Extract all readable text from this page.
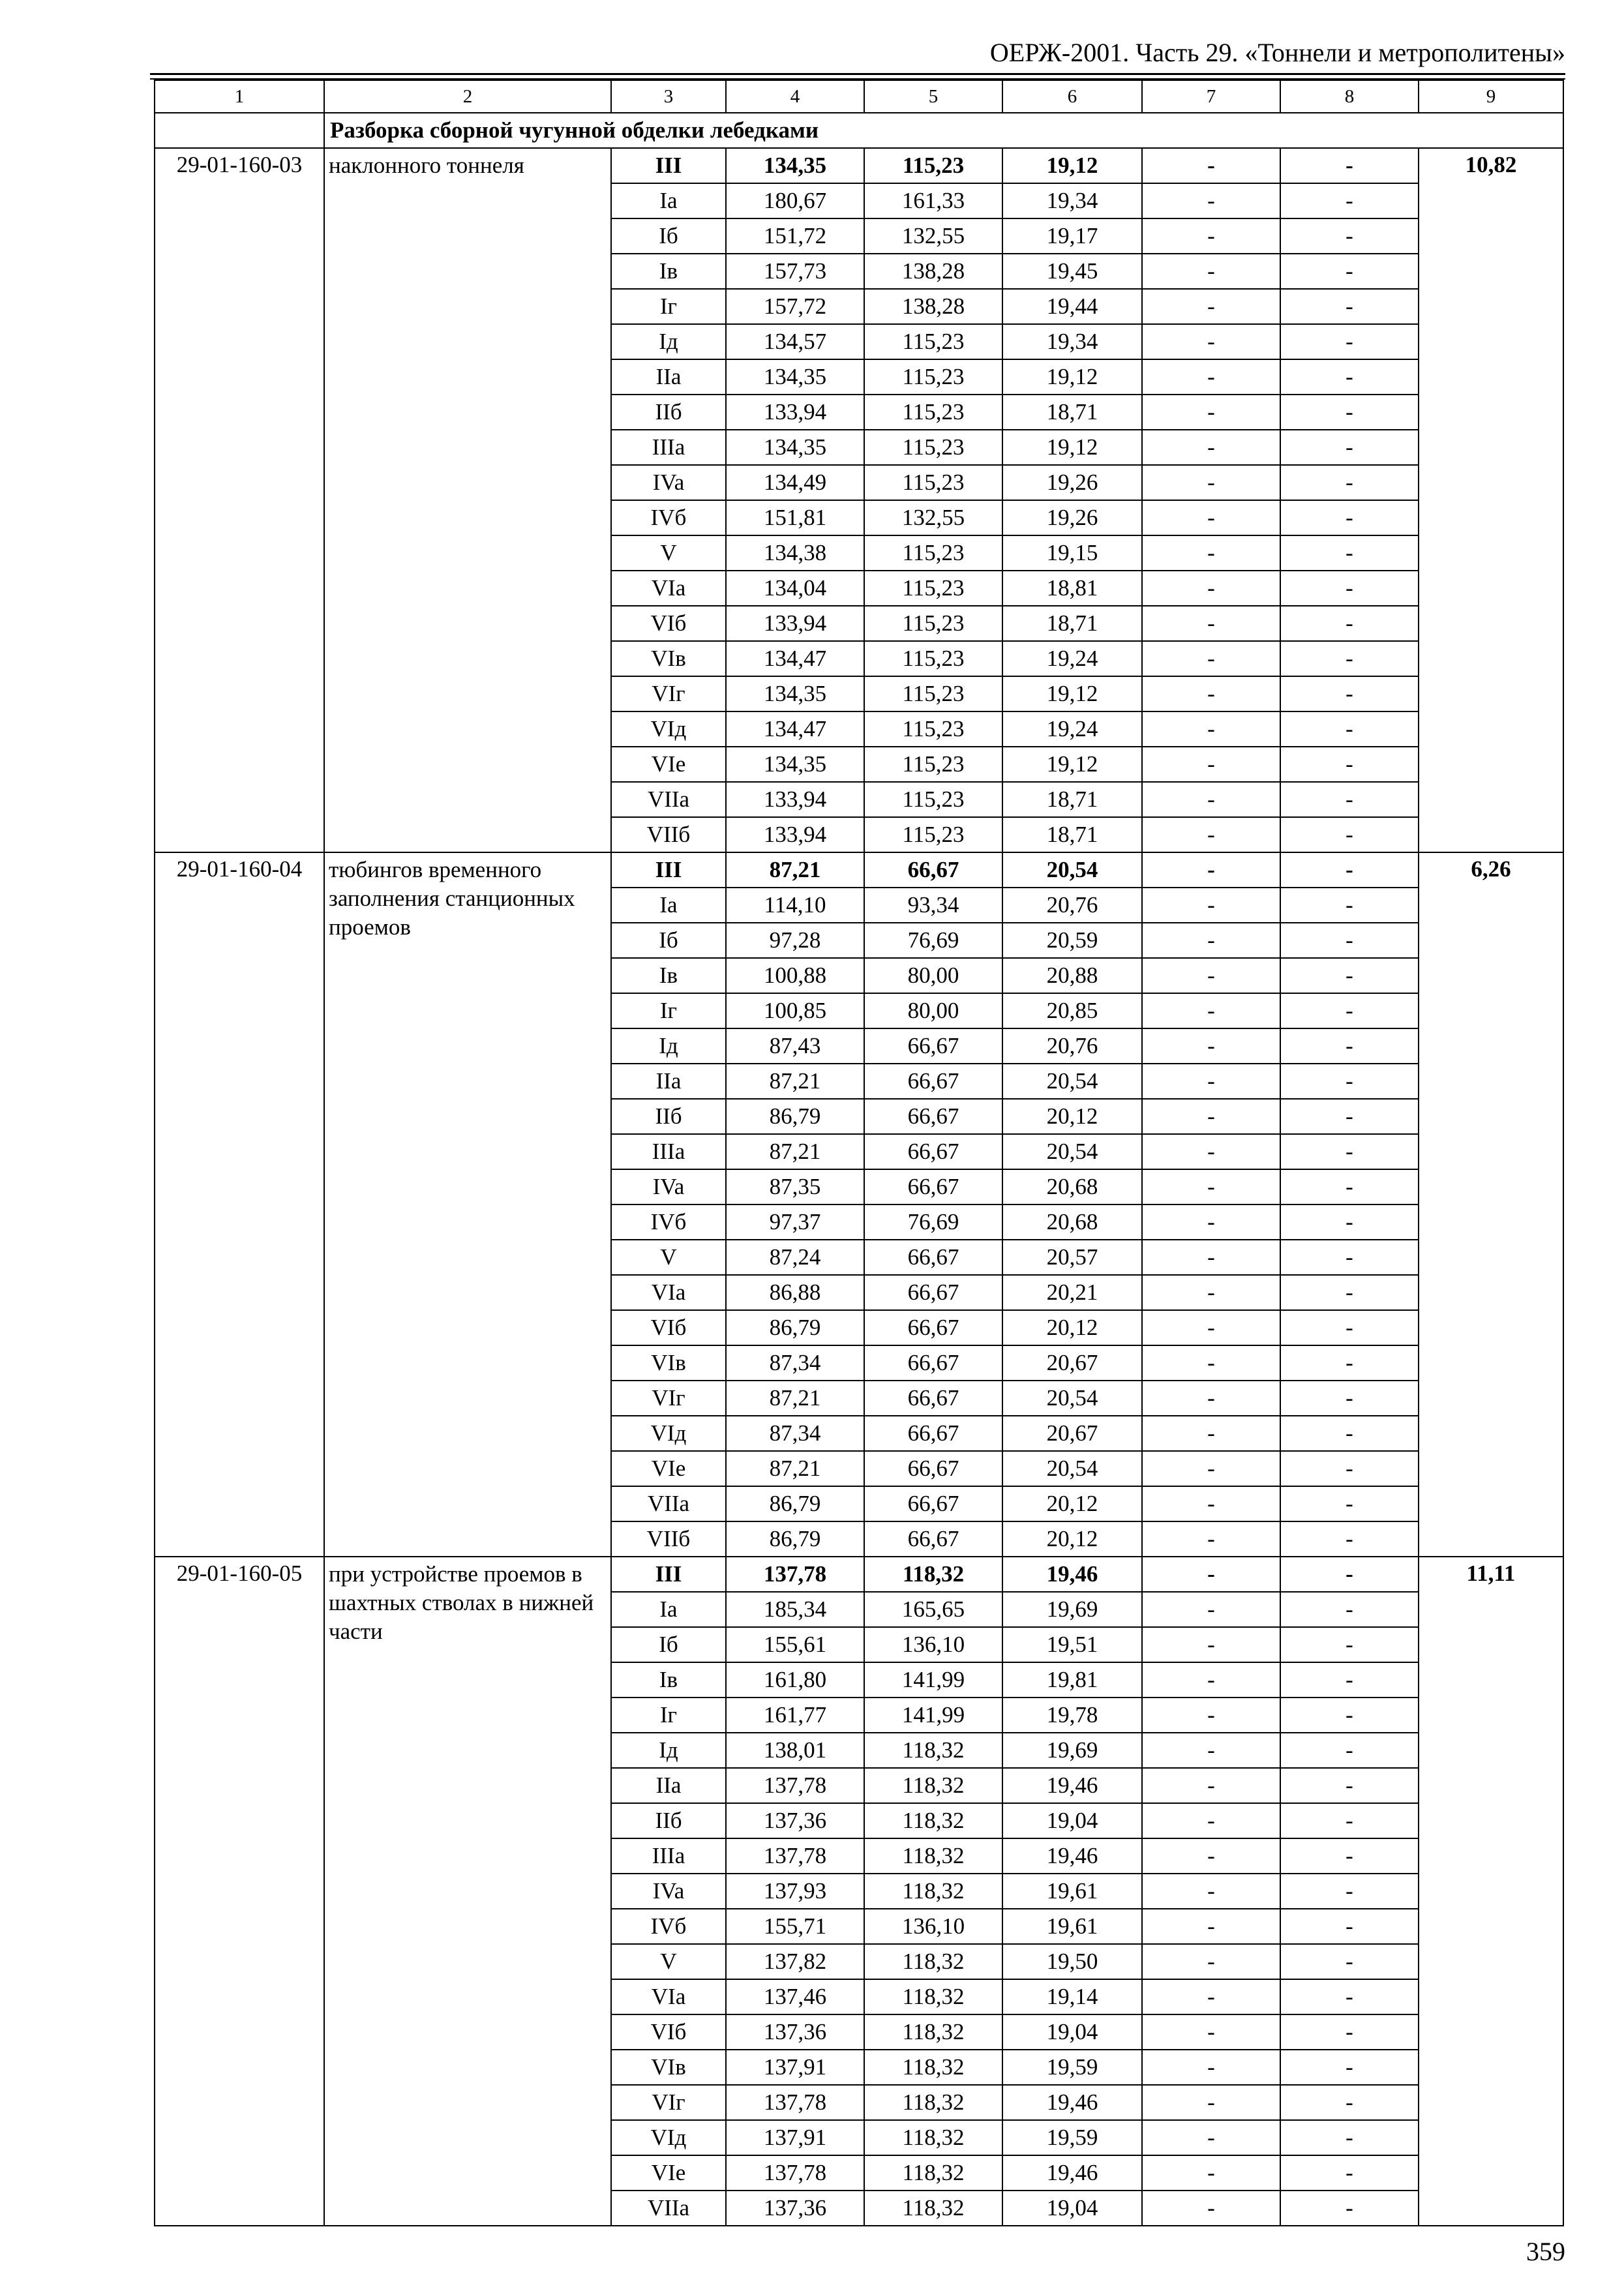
ОЕРЖ-2001. Часть 29. «Тоннели и метрополитены»
1	2	3	4	5	6	7	8	9
	Разборка сборной чугунной обделки лебедками							
29-01-160-03	наклонного тоннеля	III	134,35	115,23	19,12	-	-	10,82
		Ia	180,67	161,33	19,34	-	-	
		Iб	151,72	132,55	19,17	-	-	
		Iв	157,73	138,28	19,45	-	-	
		Iг	157,72	138,28	19,44	-	-	
		Iд	134,57	115,23	19,34	-	-	
		IIa	134,35	115,23	19,12	-	-	
		IIб	133,94	115,23	18,71	-	-	
		IIIa	134,35	115,23	19,12	-	-	
		IVa	134,49	115,23	19,26	-	-	
		IVб	151,81	132,55	19,26	-	-	
		V	134,38	115,23	19,15	-	-	
		VIa	134,04	115,23	18,81	-	-	
		VIб	133,94	115,23	18,71	-	-	
		VIв	134,47	115,23	19,24	-	-	
		VIг	134,35	115,23	19,12	-	-	
		VIд	134,47	115,23	19,24	-	-	
		VIe	134,35	115,23	19,12	-	-	
		VIIa	133,94	115,23	18,71	-	-	
		VIIб	133,94	115,23	18,71	-	-	
29-01-160-04	тюбингов временного заполнения станционных проемов	III	87,21	66,67	20,54	-	-	6,26
		Ia	114,10	93,34	20,76	-	-	
		Iб	97,28	76,69	20,59	-	-	
		Iв	100,88	80,00	20,88	-	-	
		Iг	100,85	80,00	20,85	-	-	
		Iд	87,43	66,67	20,76	-	-	
		IIa	87,21	66,67	20,54	-	-	
		IIб	86,79	66,67	20,12	-	-	
		IIIa	87,21	66,67	20,54	-	-	
		IVa	87,35	66,67	20,68	-	-	
		IVб	97,37	76,69	20,68	-	-	
		V	87,24	66,67	20,57	-	-	
		VIa	86,88	66,67	20,21	-	-	
		VIб	86,79	66,67	20,12	-	-	
		VIв	87,34	66,67	20,67	-	-	
		VIг	87,21	66,67	20,54	-	-	
		VIд	87,34	66,67	20,67	-	-	
		VIe	87,21	66,67	20,54	-	-	
		VIIa	86,79	66,67	20,12	-	-	
		VIIб	86,79	66,67	20,12	-	-	
29-01-160-05	при устройстве проемов в шахтных стволах в нижней части	III	137,78	118,32	19,46	-	-	11,11
		Ia	185,34	165,65	19,69	-	-	
		Iб	155,61	136,10	19,51	-	-	
		Iв	161,80	141,99	19,81	-	-	
		Iг	161,77	141,99	19,78	-	-	
		Iд	138,01	118,32	19,69	-	-	
		IIa	137,78	118,32	19,46	-	-	
		IIб	137,36	118,32	19,04	-	-	
		IIIa	137,78	118,32	19,46	-	-	
		IVa	137,93	118,32	19,61	-	-	
		IVб	155,71	136,10	19,61	-	-	
		V	137,82	118,32	19,50	-	-	
		VIa	137,46	118,32	19,14	-	-	
		VIб	137,36	118,32	19,04	-	-	
		VIв	137,91	118,32	19,59	-	-	
		VIг	137,78	118,32	19,46	-	-	
		VIд	137,91	118,32	19,59	-	-	
		VIe	137,78	118,32	19,46	-	-	
		VIIa	137,36	118,32	19,04	-	-	
359
